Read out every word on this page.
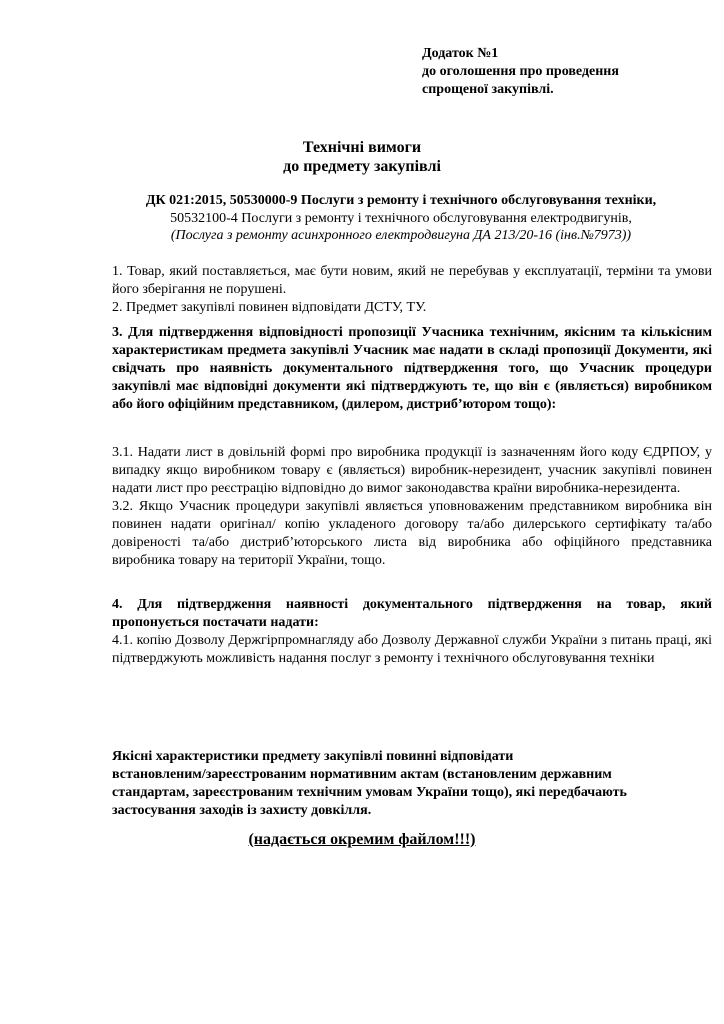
Додаток №1
до оголошення про проведення
спрощеної закупівлі.
Технічні вимоги
до предмету закупівлі
ДК 021:2015, 50530000-9 Послуги з ремонту і технічного обслуговування техніки,
50532100-4 Послуги з ремонту і технічного обслуговування електродвигунів,
(Послуга з ремонту асинхронного електродвигуна ДА 213/20-16 (інв.№7973))

1. Товар, який поставляється, має бути новим, який не перебував у експлуатації, терміни та умови його зберігання не порушені.

2. Предмет закупівлі повинен відповідати ДСТУ, ТУ.

3. Для підтвердження відповідності пропозиції Учасника технічним, якісним та кількісним характеристикам предмета закупівлі Учасник має надати в складі пропозиції Документи, які свідчать про наявність документального підтвердження того, що Учасник процедури закупівлі має відповідні документи які підтверджують те, що він є (являється) виробником або його офіційним представником, (дилером, дистриб’ютором тощо):

3.1. Надати лист в довільній формі про виробника продукції із зазначенням його коду ЄДРПОУ, у випадку якщо виробником товару є (являється) виробник-нерезидент, учасник закупівлі повинен надати лист про реєстрацію відповідно до вимог законодавства країни виробника-нерезидента.

3.2. Якщо Учасник процедури закупівлі являється уповноваженим представником виробника він повинен надати оригінал/ копію укладеного договору та/або дилерського сертифікату та/або довіреності та/або дистриб’юторського листа від виробника або офіційного представника виробника товару на території України, тощо.

4. Для підтвердження наявності документального підтвердження на товар, який пропонується постачати надати:

4.1. копію Дозволу Держгірпромнагляду або Дозволу Державної служби України з питань праці, які підтверджують можливість надання послуг з ремонту і технічного обслуговування техніки

Якісні характеристики предмету закупівлі повинні відповідати
встановленим/зареєстрованим нормативним актам (встановленим державним
стандартам, зареєстрованим технічним умовам України тощо), які передбачають
застосування заходів із захисту довкілля.
(надається окремим файлом!!!)
